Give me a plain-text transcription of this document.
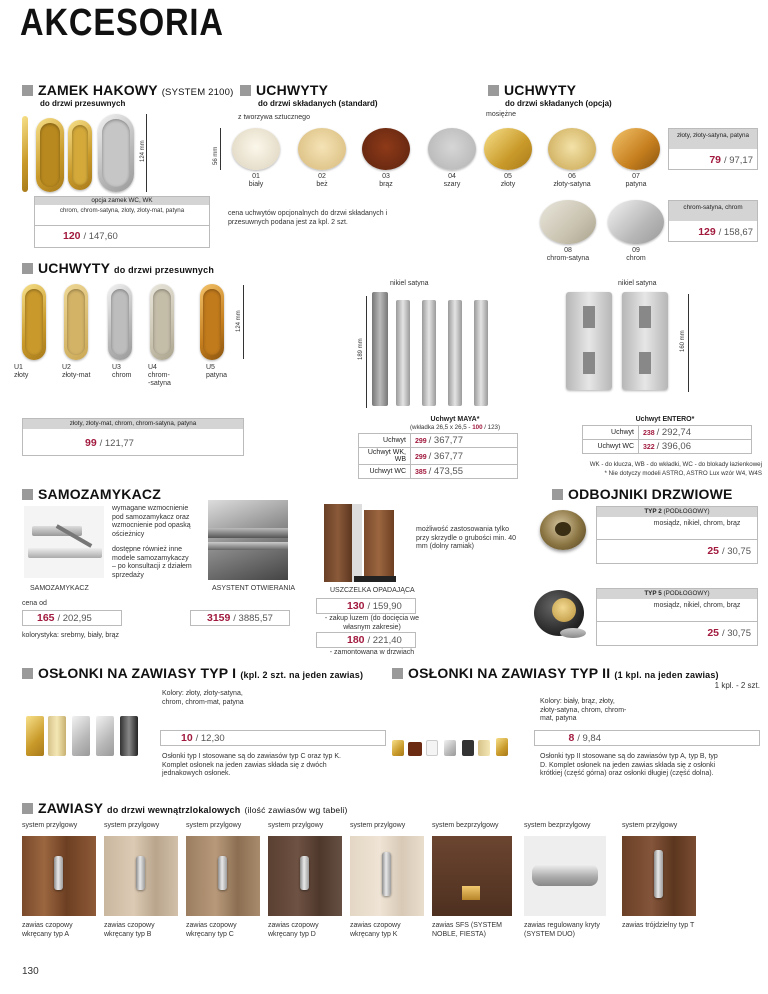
AKCESORIA
ZAMEK HAKOWY (SYSTEM 2100)
do drzwi przesuwnych
124 mm
opcja zamek WC, WK
chrom, chrom-satyna, złoty, złoty-mat, patyna
120 / 147,60
UCHWYTY
do drzwi składanych (standard)
z tworzywa sztucznego
56 mm
01
biały
02
beż
03
brąz
04
szary
cena uchwytów opcjonalnych do drzwi składanych i przesuwnych podana jest za kpl. 2 szt.
UCHWYTY
do drzwi składanych (opcja)
mosiężne
05
złoty
06
złoty-satyna
07
patyna
złoty, złoty-satyna, patyna
79 / 97,17
08
chrom-satyna
09
chrom
chrom-satyna, chrom
129 / 158,67
UCHWYTY do drzwi przesuwnych
124 mm
U1
złoty
U2
złoty-mat
U3
chrom
U4
chrom-
-satyna
U5
patyna
złoty, złoty-mat, chrom, chrom-satyna, patyna
99 / 121,77
nikiel satyna
189 mm
Uchwyt MAYA*
(wkładka 26,5 x 26,5 - 100 / 123)
Uchwyt	299 / 367,77
Uchwyt WK, WB	299 / 367,77
Uchwyt WC	385 / 473,55
nikiel satyna
160 mm
Uchwyt ENTERO*
Uchwyt	238 / 292,74
Uchwyt WC	322 / 396,06
WK - do klucza, WB - do wkładki, WC - do blokady łazienkowej
* Nie dotyczy modeli ASTRO, ASTRO Lux wzór W4, W4S
SAMOZAMYKACZ
wymagane wzmocnienie pod samozamykacz oraz wzmocnienie pod opaską ościeżnicy
dostępne również inne modele samozamykaczy – po konsultacji z działem sprzedaży
SAMOZAMYKACZ
cena od
165 / 202,95
kolorystyka: srebrny, biały, brąz
ASYSTENT OTWIERANIA
3159 / 3885,57
możliwość zastosowania tylko przy skrzydle o grubości min. 40 mm (dolny ramiak)
USZCZELKA OPADAJĄCA
130 / 159,90
- zakup luzem (do docięcia we własnym zakresie)
180 / 221,40
- zamontowana w drzwiach
ODBOJNIKI DRZWIOWE
TYP 2 (PODŁOGOWY)
mosiądz, nikiel, chrom, brąz
25 / 30,75
TYP 5 (PODŁOGOWY)
mosiądz, nikiel, chrom, brąz
25 / 30,75
OSŁONKI NA ZAWIASY TYP I (kpl. 2 szt. na jeden zawias)
Kolory: złoty, złoty-satyna, chrom, chrom-mat, patyna
10 / 12,30
Osłonki typ I stosowane są do zawiasów typ C oraz typ K. Komplet osłonek na jeden zawias składa się z dwóch jednakowych osłonek.
OSŁONKI NA ZAWIASY TYP II (1 kpl. na jeden zawias)
1 kpl. - 2 szt.
Kolory: biały, brąz, złoty, złoty-satyna, chrom, chrom-mat, patyna
8 / 9,84
Osłonki typ II stosowane są do zawiasów typ A, typ B, typ D. Komplet osłonek na jeden zawias składa się z osłonki krótkiej (część górna) oraz osłonki długiej (część dolna).
ZAWIASY do drzwi wewnątrzlokalowych (ilość zawiasów wg tabeli)
system przylgowy	system przylgowy	system przylgowy	system przylgowy	system przylgowy	system bezprzylgowy	system bezprzylgowy	system przylgowy
zawias czopowy wkręcany typ A
zawias czopowy wkręcany typ B
zawias czopowy wkręcany typ C
zawias czopowy wkręcany typ D
zawias czopowy wkręcany typ K
zawias SFS (SYSTEM NOBLE, FIESTA)
zawias regulowany kryty (SYSTEM DUO)
zawias trójdzielny typ T
130
